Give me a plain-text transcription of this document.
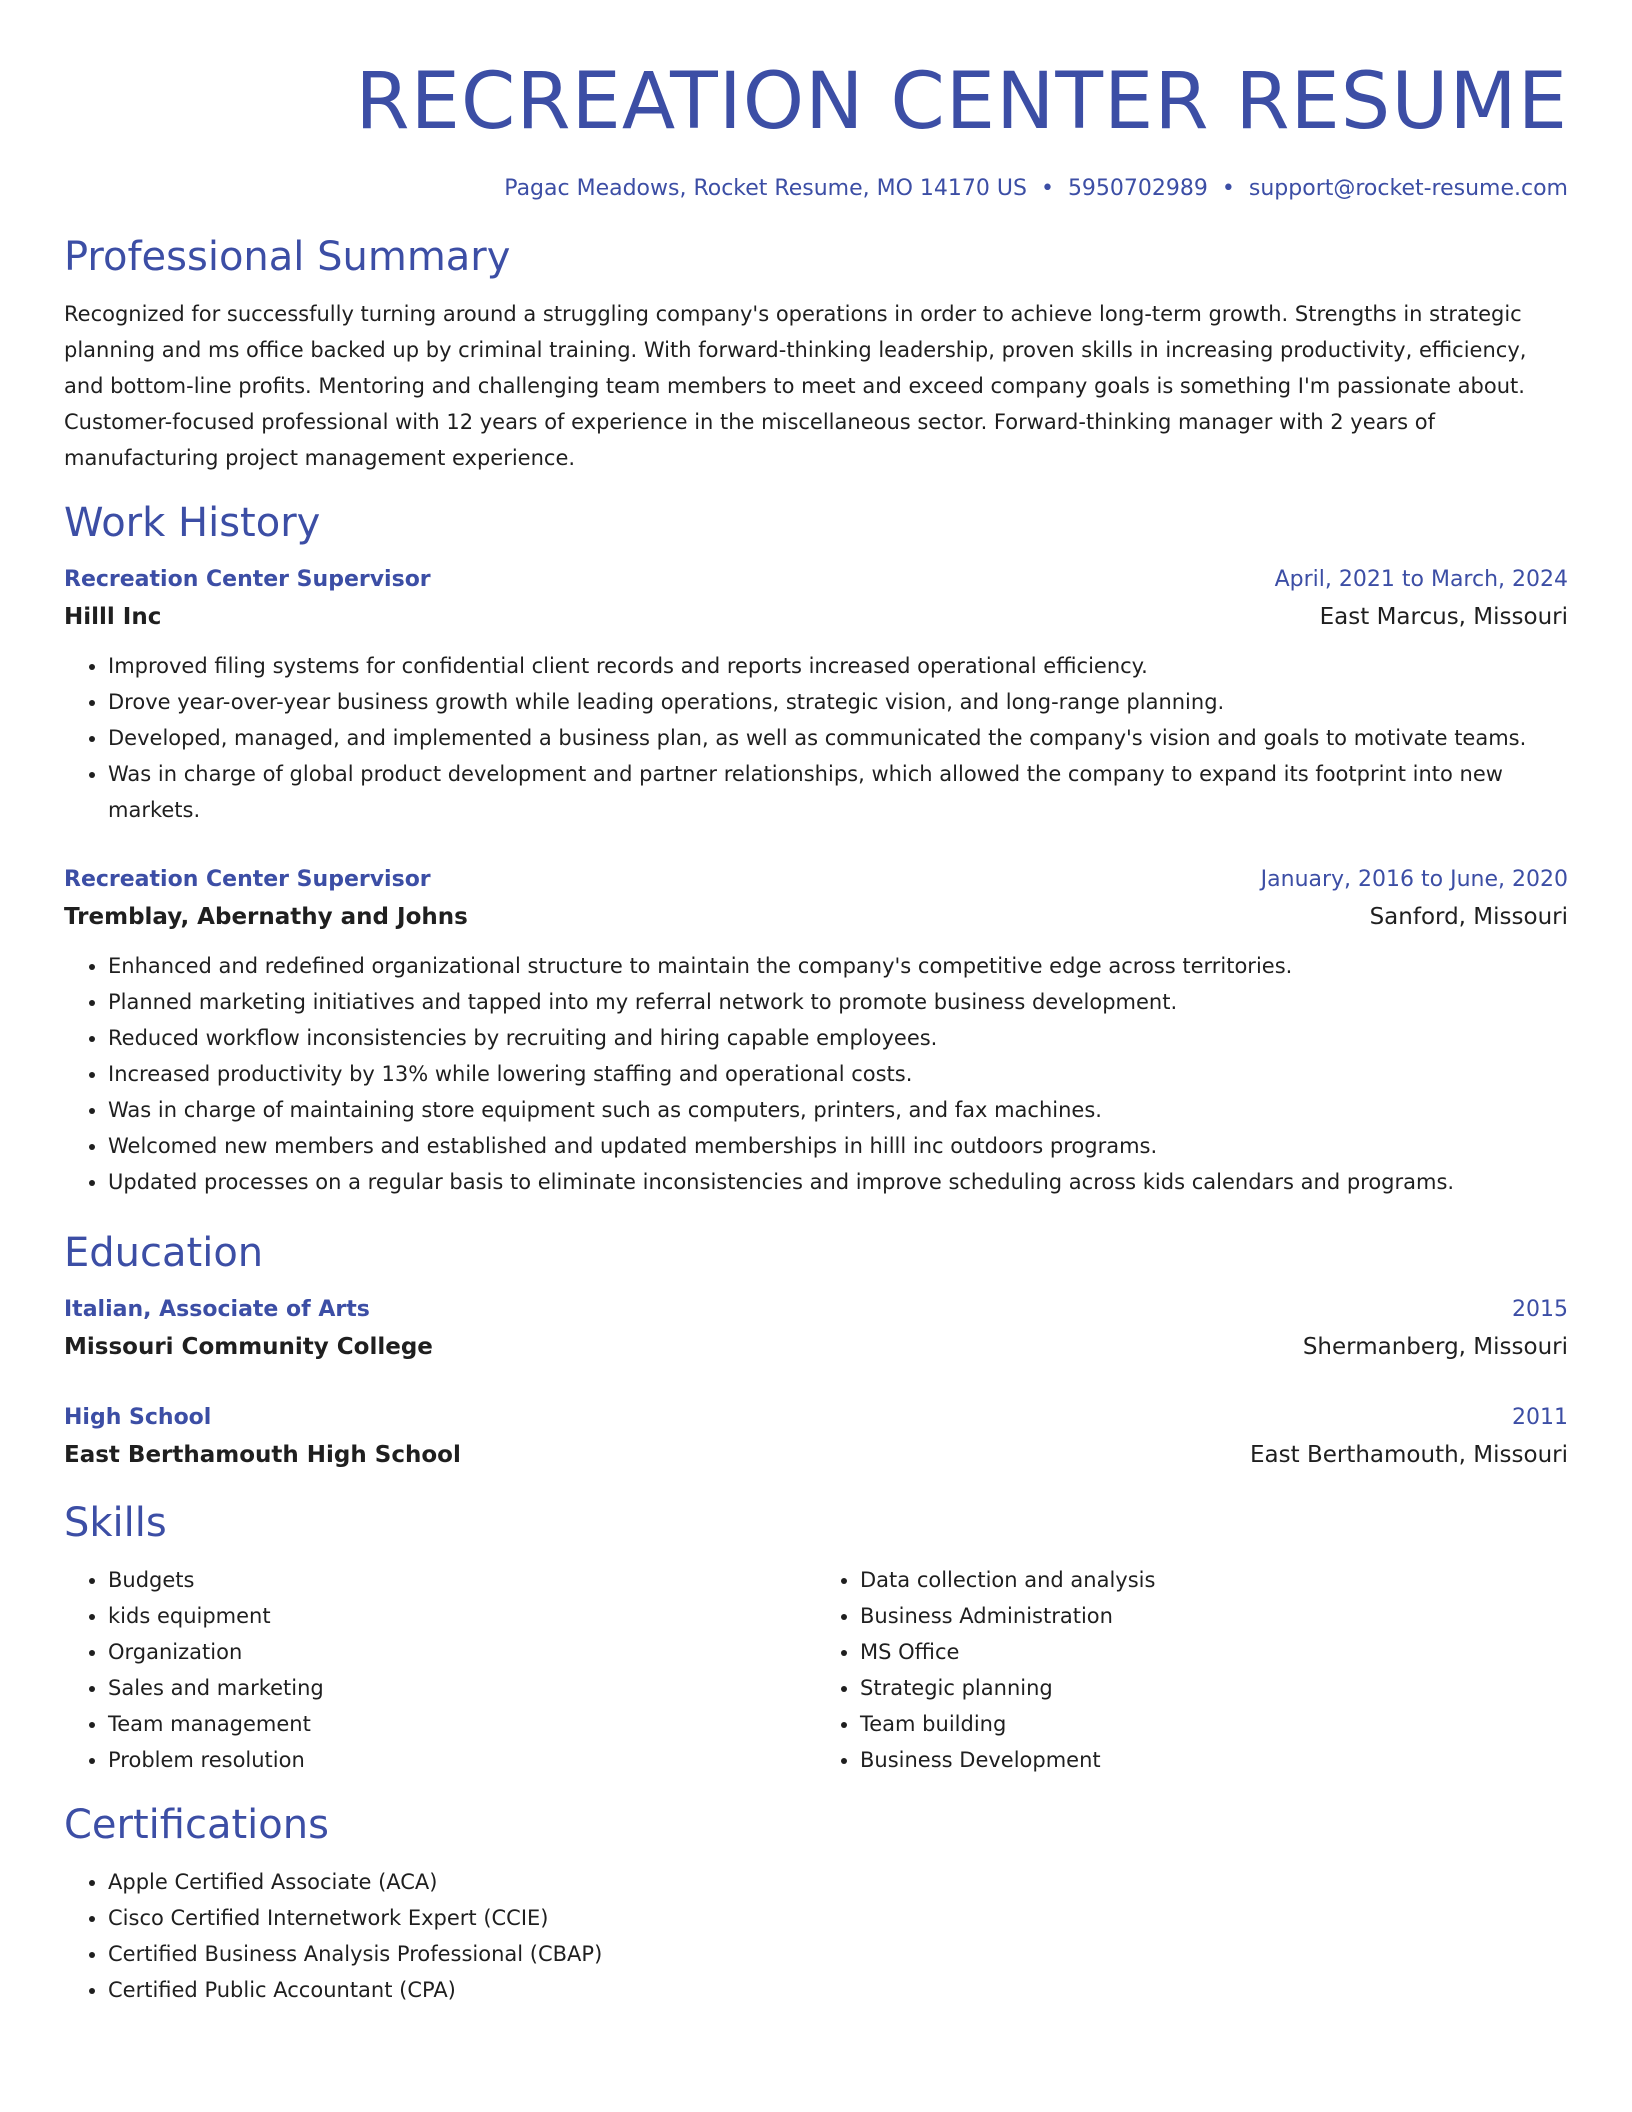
RECREATION CENTER RESUME
Pagac Meadows, Rocket Resume, MO 14170 US • 5950702989 • support@rocket-resume.com
Professional Summary

Recognized for successfully turning around a struggling company's operations in order to achieve long-term growth. Strengths in strategic planning and ms office backed up by criminal training. With forward-thinking leadership, proven skills in increasing productivity, efficiency, and bottom-line profits. Mentoring and challenging team members to meet and exceed company goals is something I'm passionate about. Customer-focused professional with 12 years of experience in the miscellaneous sector. Forward-thinking manager with 2 years of manufacturing project management experience.

Work History
Recreation Center Supervisor	April, 2021 to March, 2024
Hilll Inc	East Marcus, Missouri
• Improved filing systems for confidential client records and reports increased operational efficiency.
• Drove year-over-year business growth while leading operations, strategic vision, and long-range planning.
• Developed, managed, and implemented a business plan, as well as communicated the company's vision and goals to motivate teams.
• Was in charge of global product development and partner relationships, which allowed the company to expand its footprint into new markets.
Recreation Center Supervisor	January, 2016 to June, 2020
Tremblay, Abernathy and Johns	Sanford, Missouri
• Enhanced and redefined organizational structure to maintain the company's competitive edge across territories.
• Planned marketing initiatives and tapped into my referral network to promote business development.
• Reduced workflow inconsistencies by recruiting and hiring capable employees.
• Increased productivity by 13% while lowering staffing and operational costs.
• Was in charge of maintaining store equipment such as computers, printers, and fax machines.
• Welcomed new members and established and updated memberships in hilll inc outdoors programs.
• Updated processes on a regular basis to eliminate inconsistencies and improve scheduling across kids calendars and programs.
Education
Italian, Associate of Arts	2015
Missouri Community College	Shermanberg, Missouri
High School	2011
East Berthamouth High School	East Berthamouth, Missouri
Skills
• Budgets
• kids equipment
• Organization
• Sales and marketing
• Team management
• Problem resolution
• Data collection and analysis
• Business Administration
• MS Office
• Strategic planning
• Team building
• Business Development
Certifications
• Apple Certified Associate (ACA)
• Cisco Certified Internetwork Expert (CCIE)
• Certified Business Analysis Professional (CBAP)
• Certified Public Accountant (CPA)
